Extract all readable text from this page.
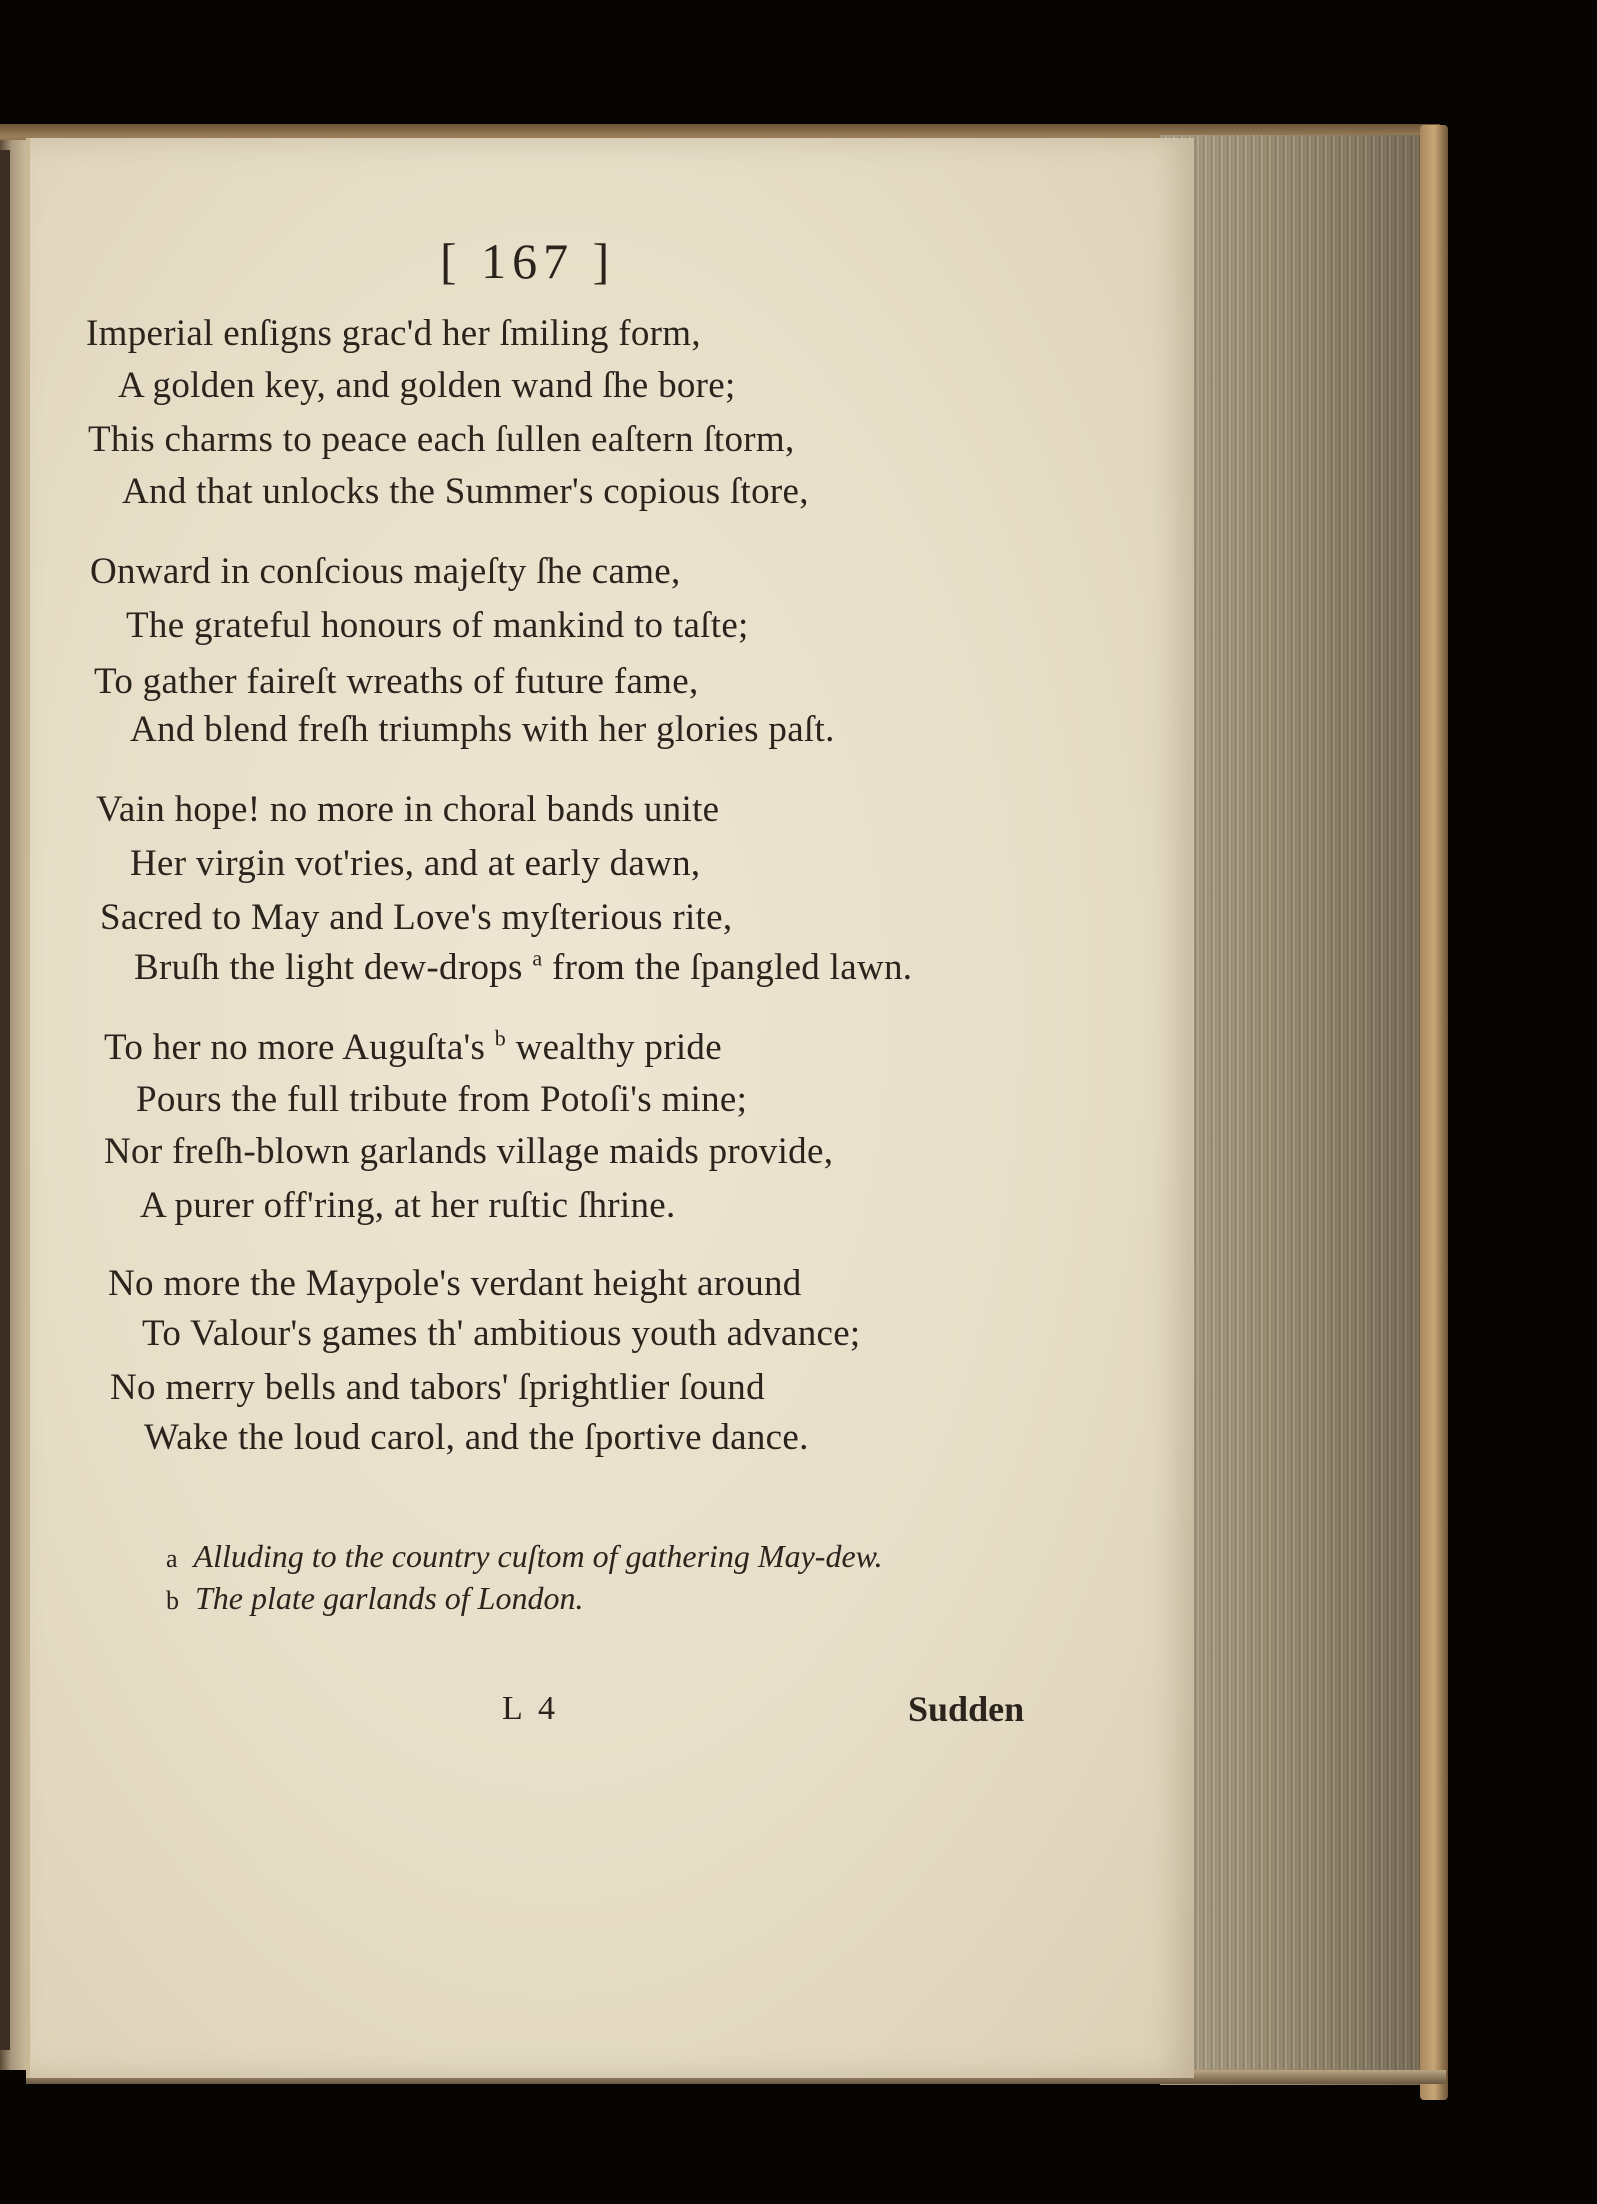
[ 167 ]
Imperial enſigns grac'd her ſmiling form,
A golden key, and golden wand ſhe bore;
This charms to peace each ſullen eaſtern ſtorm,
And that unlocks the Summer's copious ſtore,
Onward in conſcious majeſty ſhe came,
The grateful honours of mankind to taſte;
To gather faireſt wreaths of future fame,
And blend freſh triumphs with her glories paſt.
Vain hope! no more in choral bands unite
Her virgin vot'ries, and at early dawn,
Sacred to May and Love's myſterious rite,
Bruſh the light dew-drops $^a$ from the ſpangled lawn.
To her no more Auguſta's $^b$ wealthy pride
Pours the full tribute from Potoſi's mine;
Nor freſh-blown garlands village maids provide,
A purer off'ring, at her ruſtic ſhrine.
No more the Maypole's verdant height around
To Valour's games th' ambitious youth advance;
No merry bells and tabors' ſprightlier ſound
Wake the loud carol, and the ſportive dance.
a Alluding to the country cuſtom of gathering May-dew.
b The plate garlands of London.
L 4	Sudden
